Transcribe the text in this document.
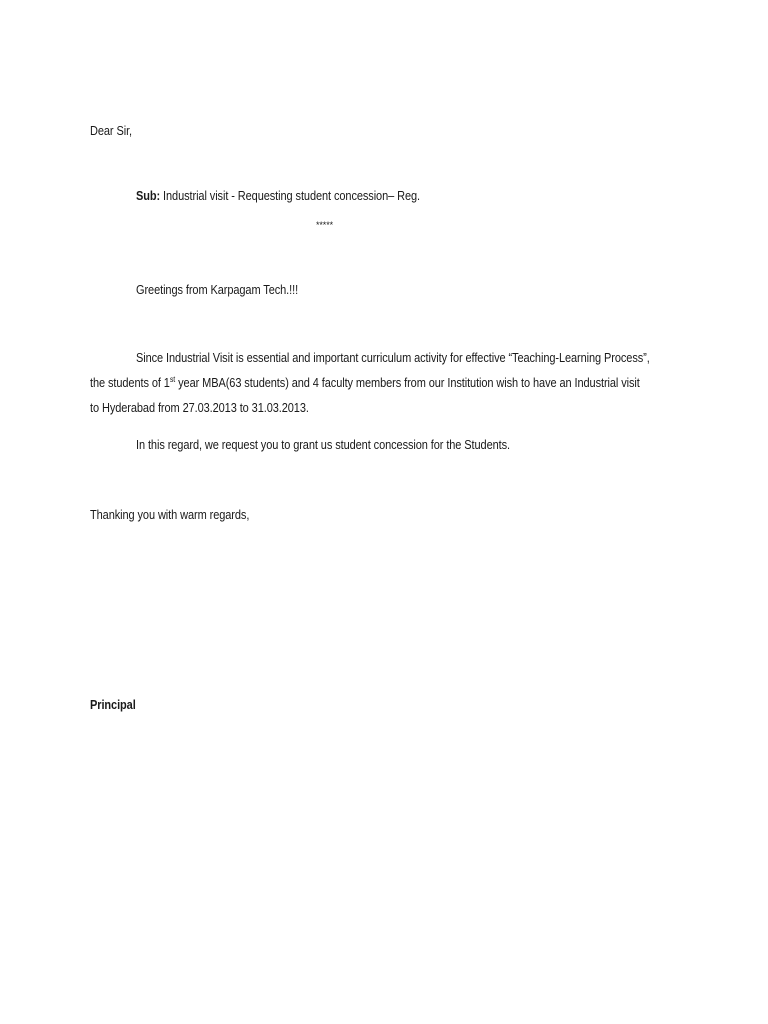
Dear Sir,
Sub: Industrial visit - Requesting student concession– Reg.
*****
Greetings from Karpagam Tech.!!!
Since Industrial Visit is essential and important curriculum activity for effective “Teaching-Learning Process”,
the students of 1st year MBA(63 students) and 4 faculty members from our Institution wish to have an Industrial visit
to Hyderabad from 27.03.2013 to 31.03.2013.
In this regard, we request you to grant us student concession for the Students.
Thanking you with warm regards,
Principal
